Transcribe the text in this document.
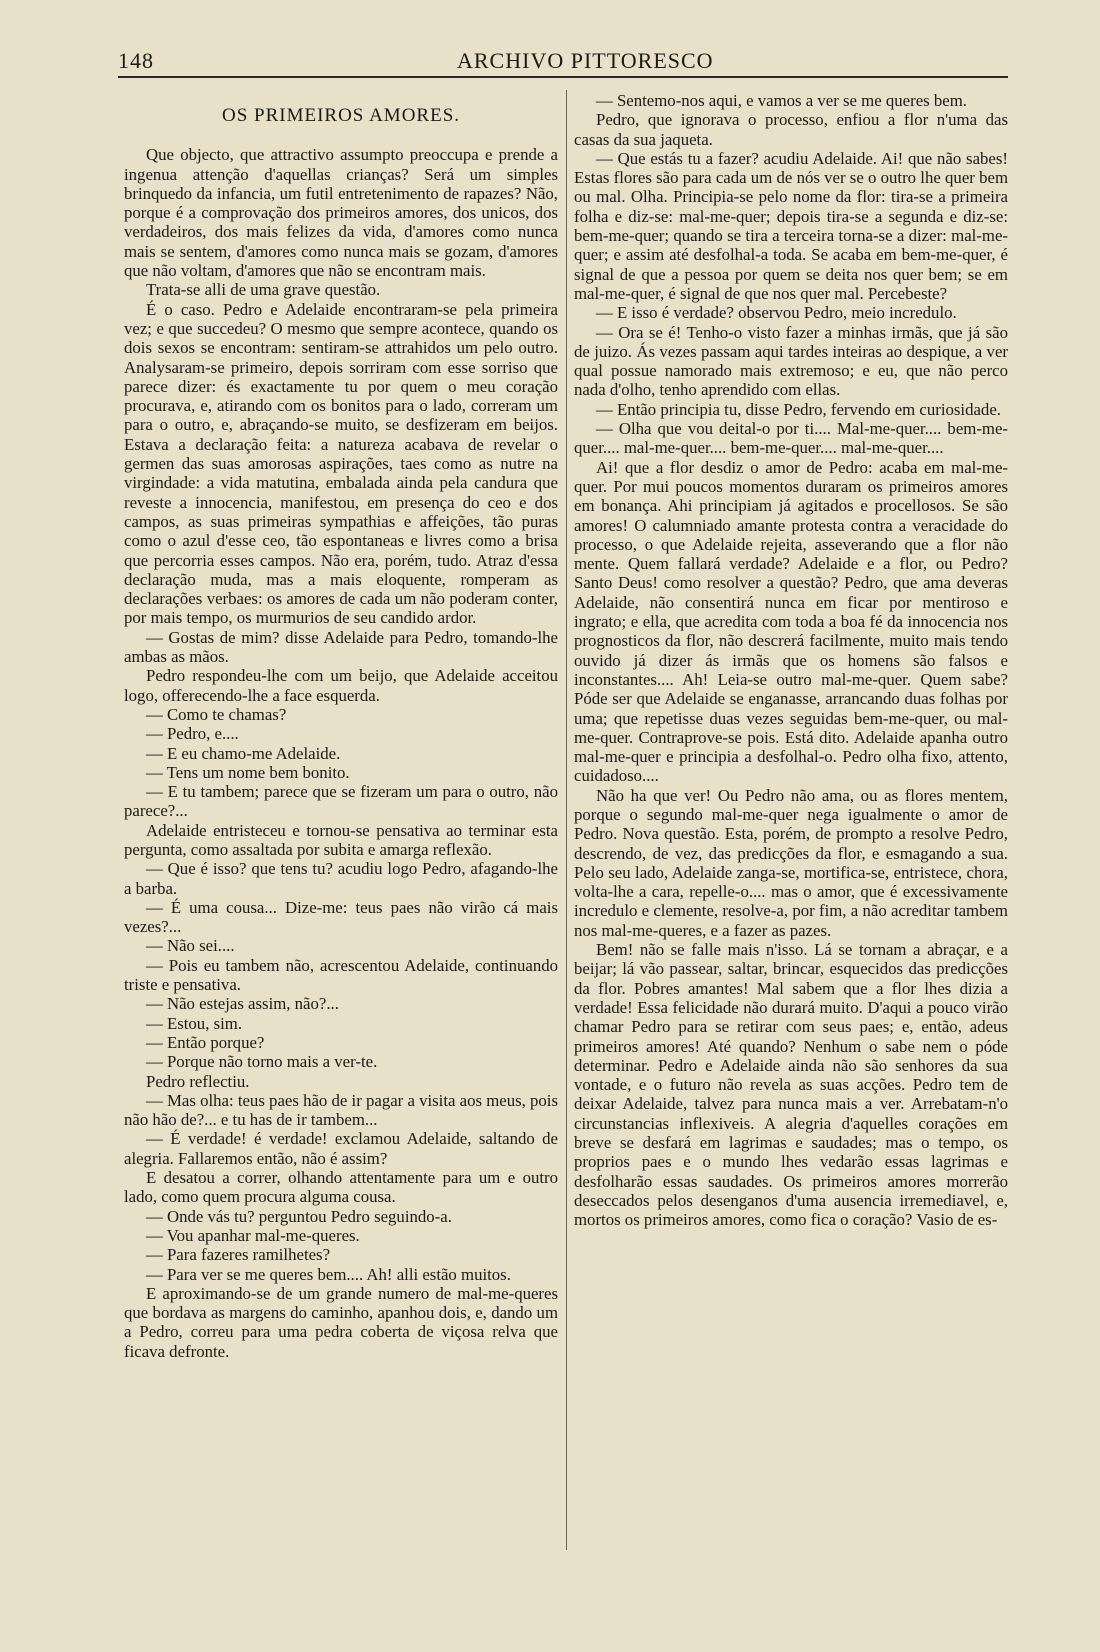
148	ARCHIVO PITTORESCO

OS PRIMEIROS AMORES.

Que objecto, que attractivo assumpto preoccupa e prende a ingenua attenção d'aquellas crianças? Será um simples brinquedo da infancia, um futil entretenimento de rapazes? Não, porque é a comprovação dos primeiros amores, dos unicos, dos verdadeiros, dos mais felizes da vida, d'amores como nunca mais se sentem, d'amores como nunca mais se gozam, d'amores que não voltam, d'amores que não se encontram mais.

Trata-se alli de uma grave questão.

É o caso. Pedro e Adelaide encontraram-se pela primeira vez; e que succedeu? O mesmo que sempre acontece, quando os dois sexos se encontram: sentiram-se attrahidos um pelo outro. Analysaram-se primeiro, depois sorriram com esse sorriso que parece dizer: és exactamente tu por quem o meu coração procurava, e, atirando com os bonitos para o lado, correram um para o outro, e, abraçando-se muito, se desfizeram em beijos. Estava a declaração feita: a natureza acabava de revelar o germen das suas amorosas aspirações, taes como as nutre na virgindade: a vida matutina, embalada ainda pela candura que reveste a innocencia, manifestou, em presença do ceo e dos campos, as suas primeiras sympathias e affeições, tão puras como o azul d'esse ceo, tão espontaneas e livres como a brisa que percorria esses campos. Não era, porém, tudo. Atraz d'essa declaração muda, mas a mais eloquente, romperam as declarações verbaes: os amores de cada um não poderam conter, por mais tempo, os murmurios de seu candido ardor.

— Gostas de mim? disse Adelaide para Pedro, tomando-lhe ambas as mãos.

Pedro respondeu-lhe com um beijo, que Adelaide acceitou logo, offerecendo-lhe a face esquerda.

— Como te chamas?

— Pedro, e....

— E eu chamo-me Adelaide.

— Tens um nome bem bonito.

— E tu tambem; parece que se fizeram um para o outro, não parece?...

Adelaide entristeceu e tornou-se pensativa ao terminar esta pergunta, como assaltada por subita e amarga reflexão.

— Que é isso? que tens tu? acudiu logo Pedro, afagando-lhe a barba.

— É uma cousa... Dize-me: teus paes não virão cá mais vezes?...

— Não sei....

— Pois eu tambem não, acrescentou Adelaide, continuando triste e pensativa.

— Não estejas assim, não?...

— Estou, sim.

— Então porque?

— Porque não torno mais a ver-te.

Pedro reflectiu.

— Mas olha: teus paes hão de ir pagar a visita aos meus, pois não hão de?... e tu has de ir tambem...

— É verdade! é verdade! exclamou Adelaide, saltando de alegria. Fallaremos então, não é assim?

E desatou a correr, olhando attentamente para um e outro lado, como quem procura alguma cousa.

— Onde vás tu? perguntou Pedro seguindo-a.

— Vou apanhar mal-me-queres.

— Para fazeres ramilhetes?

— Para ver se me queres bem.... Ah! alli estão muitos.

E aproximando-se de um grande numero de mal-me-queres que bordava as margens do caminho, apanhou dois, e, dando um a Pedro, correu para uma pedra coberta de viçosa relva que ficava defronte.

— Sentemo-nos aqui, e vamos a ver se me queres bem.

Pedro, que ignorava o processo, enfiou a flor n'uma das casas da sua jaqueta.

— Que estás tu a fazer? acudiu Adelaide. Ai! que não sabes! Estas flores são para cada um de nós ver se o outro lhe quer bem ou mal. Olha. Principia-se pelo nome da flor: tira-se a primeira folha e diz-se: mal-me-quer; depois tira-se a segunda e diz-se: bem-me-quer; quando se tira a terceira torna-se a dizer: mal-me-quer; e assim até desfolhal-a toda. Se acaba em bem-me-quer, é signal de que a pessoa por quem se deita nos quer bem; se em mal-me-quer, é signal de que nos quer mal. Percebeste?

— E isso é verdade? observou Pedro, meio incredulo.

— Ora se é! Tenho-o visto fazer a minhas irmãs, que já são de juizo. Ás vezes passam aqui tardes inteiras ao despique, a ver qual possue namorado mais extremoso; e eu, que não perco nada d'olho, tenho aprendido com ellas.

— Então principia tu, disse Pedro, fervendo em curiosidade.

— Olha que vou deital-o por ti.... Mal-me-quer.... bem-me-quer.... mal-me-quer.... bem-me-quer.... mal-me-quer....

Ai! que a flor desdiz o amor de Pedro: acaba em mal-me-quer. Por mui poucos momentos duraram os primeiros amores em bonança. Ahi principiam já agitados e procellosos. Se são amores! O calumniado amante protesta contra a veracidade do processo, o que Adelaide rejeita, asseverando que a flor não mente. Quem fallará verdade? Adelaide e a flor, ou Pedro? Santo Deus! como resolver a questão? Pedro, que ama deveras Adelaide, não consentirá nunca em ficar por mentiroso e ingrato; e ella, que acredita com toda a boa fé da innocencia nos prognosticos da flor, não descrerá facilmente, muito mais tendo ouvido já dizer ás irmãs que os homens são falsos e inconstantes.... Ah! Leia-se outro mal-me-quer. Quem sabe? Póde ser que Adelaide se enganasse, arrancando duas folhas por uma; que repetisse duas vezes seguidas bem-me-quer, ou mal-me-quer. Contraprove-se pois. Está dito. Adelaide apanha outro mal-me-quer e principia a desfolhal-o. Pedro olha fixo, attento, cuidadoso....

Não ha que ver! Ou Pedro não ama, ou as flores mentem, porque o segundo mal-me-quer nega igualmente o amor de Pedro. Nova questão. Esta, porém, de prompto a resolve Pedro, descrendo, de vez, das predicções da flor, e esmagando a sua. Pelo seu lado, Adelaide zanga-se, mortifica-se, entristece, chora, volta-lhe a cara, repelle-o.... mas o amor, que é excessivamente incredulo e clemente, resolve-a, por fim, a não acreditar tambem nos mal-me-queres, e a fazer as pazes.

Bem! não se falle mais n'isso. Lá se tornam a abraçar, e a beijar; lá vão passear, saltar, brincar, esquecidos das predicções da flor. Pobres amantes! Mal sabem que a flor lhes dizia a verdade! Essa felicidade não durará muito. D'aqui a pouco virão chamar Pedro para se retirar com seus paes; e, então, adeus primeiros amores! Até quando? Nenhum o sabe nem o póde determinar. Pedro e Adelaide ainda não são senhores da sua vontade, e o futuro não revela as suas acções. Pedro tem de deixar Adelaide, talvez para nunca mais a ver. Arrebatam-n'o circunstancias inflexiveis. A alegria d'aquelles corações em breve se desfará em lagrimas e saudades; mas o tempo, os proprios paes e o mundo lhes vedarão essas lagrimas e desfolharão essas saudades. Os primeiros amores morrerão deseccados pelos desenganos d'uma ausencia irremediavel, e, mortos os primeiros amores, como fica o coração? Vasio de es-
